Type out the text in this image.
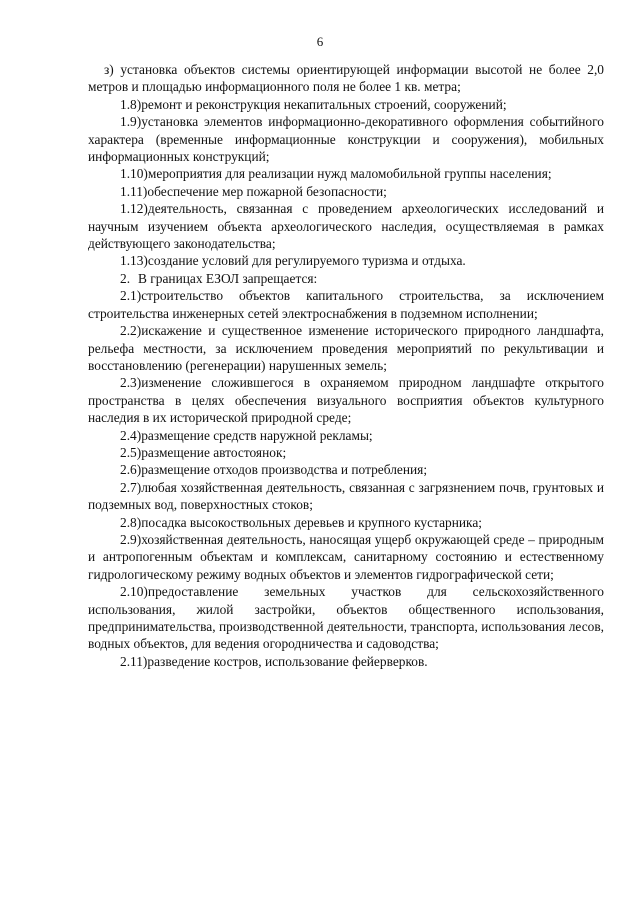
6

з) установка объектов системы ориентирующей информации высотой не более 2,0 метров и площадью информационного поля не более 1 кв. метра;

1.8)ремонт и реконструкция некапитальных строений, сооружений;

1.9)установка элементов информационно-декоративного оформления событийного характера (временные информационные конструкции и сооружения), мобильных информационных конструкций;

1.10)мероприятия для реализации нужд маломобильной группы населения;

1.11)обеспечение мер пожарной безопасности;

1.12)деятельность, связанная с проведением археологических исследований и научным изучением объекта археологического наследия, осуществляемая в рамках действующего законодательства;

1.13)создание условий для регулируемого туризма и отдыха.

2. В границах ЕЗОЛ запрещается:

2.1)строительство объектов капитального строительства, за исключением строительства инженерных сетей электроснабжения в подземном исполнении;

2.2)искажение и существенное изменение исторического природного ландшафта, рельефа местности, за исключением проведения мероприятий по рекультивации и восстановлению (регенерации) нарушенных земель;

2.3)изменение сложившегося в охраняемом природном ландшафте открытого пространства в целях обеспечения визуального восприятия объектов культурного наследия в их исторической природной среде;

2.4)размещение средств наружной рекламы;

2.5)размещение автостоянок;

2.6)размещение отходов производства и потребления;

2.7)любая хозяйственная деятельность, связанная с загрязнением почв, грунтовых и подземных вод, поверхностных стоков;

2.8)посадка высокоствольных деревьев и крупного кустарника;

2.9)хозяйственная деятельность, наносящая ущерб окружающей среде – природным и антропогенным объектам и комплексам, санитарному состоянию и естественному гидрологическому режиму водных объектов и элементов гидрографической сети;

2.10)предоставление земельных участков для сельскохозяйственного использования, жилой застройки, объектов общественного использования, предпринимательства, производственной деятельности, транспорта, использования лесов, водных объектов, для ведения огородничества и садоводства;

2.11)разведение костров, использование фейерверков.
